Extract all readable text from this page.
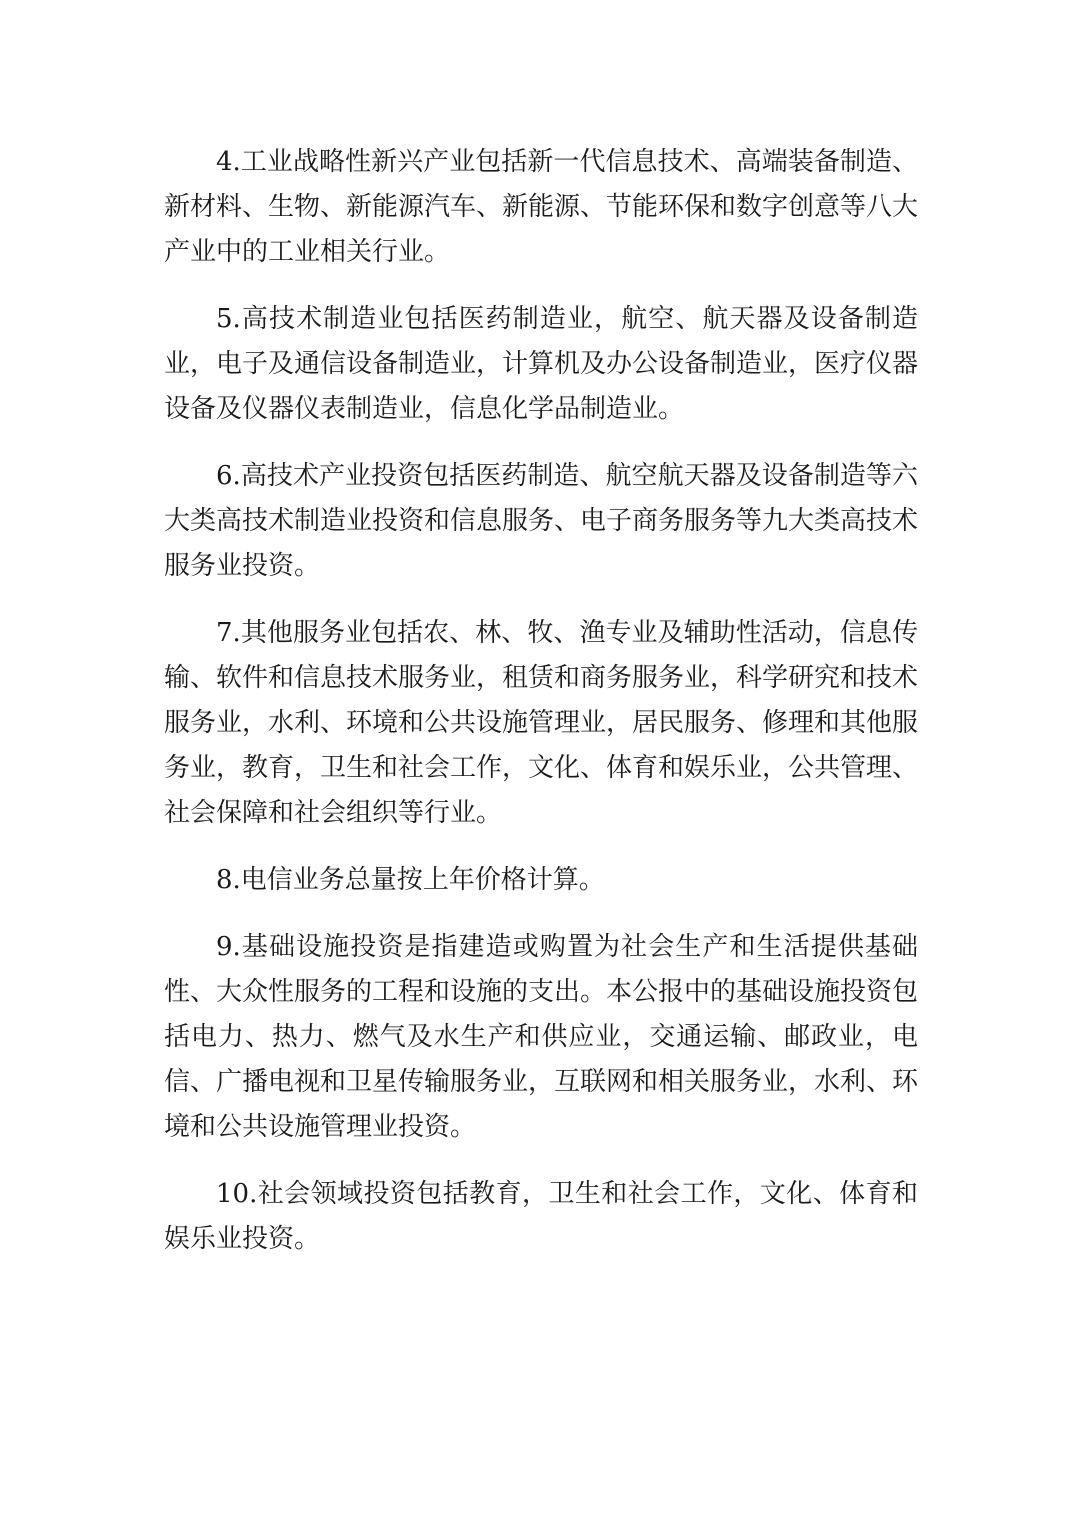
4.工业战略性新兴产业包括新一代信息技术、高端装备制造、新材料、生物、新能源汽车、新能源、节能环保和数字创意等八大产业中的工业相关行业。

5.高技术制造业包括医药制造业，航空、航天器及设备制造业，电子及通信设备制造业，计算机及办公设备制造业，医疗仪器设备及仪器仪表制造业，信息化学品制造业。

6.高技术产业投资包括医药制造、航空航天器及设备制造等六大类高技术制造业投资和信息服务、电子商务服务等九大类高技术服务业投资。

7.其他服务业包括农、林、牧、渔专业及辅助性活动，信息传输、软件和信息技术服务业，租赁和商务服务业，科学研究和技术服务业，水利、环境和公共设施管理业，居民服务、修理和其他服务业，教育，卫生和社会工作，文化、体育和娱乐业，公共管理、社会保障和社会组织等行业。

8.电信业务总量按上年价格计算。

9.基础设施投资是指建造或购置为社会生产和生活提供基础性、大众性服务的工程和设施的支出。本公报中的基础设施投资包括电力、热力、燃气及水生产和供应业，交通运输、邮政业，电信、广播电视和卫星传输服务业，互联网和相关服务业，水利、环境和公共设施管理业投资。

10.社会领域投资包括教育，卫生和社会工作，文化、体育和娱乐业投资。
